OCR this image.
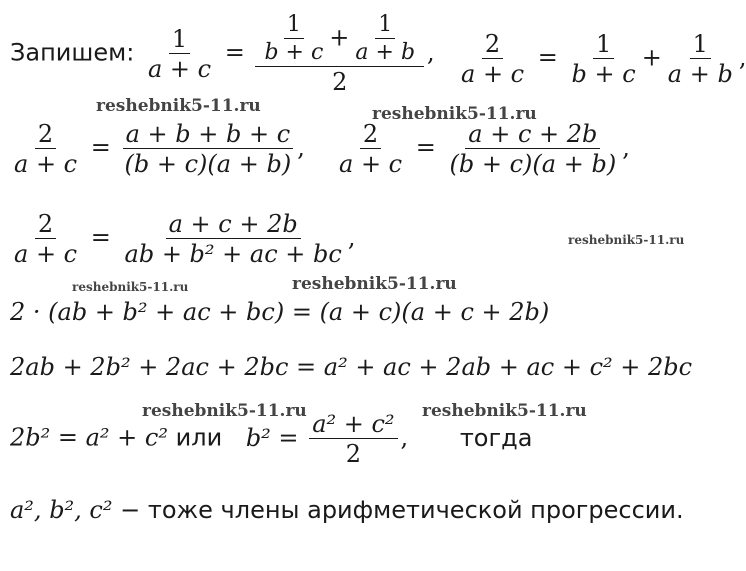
Запишем: $\frac{1}{a + c} = \frac{\frac{1}{b + c} + \frac{1}{a + b}}{2}$ , $\frac{2}{a + c} = \frac{1}{b + c} + \frac{1}{a + b}$ ,
$\frac{2}{a + c} = \frac{a + b + b + c}{(b + c)(a + b)}$ , $\frac{2}{a + c} = \frac{a + c + 2b}{(b + c)(a + b)}$ ,
$\frac{2}{a + c} = \frac{a + c + 2b}{\text{ab + b² + ac + bc}}$ ,
2 · (ab + b² + ac + bc) = (a + c)(a + c + 2b)
2ab + 2b² + 2ac + 2bc = a² + ac + 2ab + ac + c² + 2bc
2b² = a² + c² или $b^2 = \frac{\text{a² + c²}}{2}$ , тогда
a², b², c² − тоже члены арифметической прогрессии.
reshebnik5-11.ru	reshebnik5-11.ru
reshebnik5-11.ru
reshebnik5-11.ru	reshebnik5-11.ru
reshebnik5-11.ru	reshebnik5-11.ru
